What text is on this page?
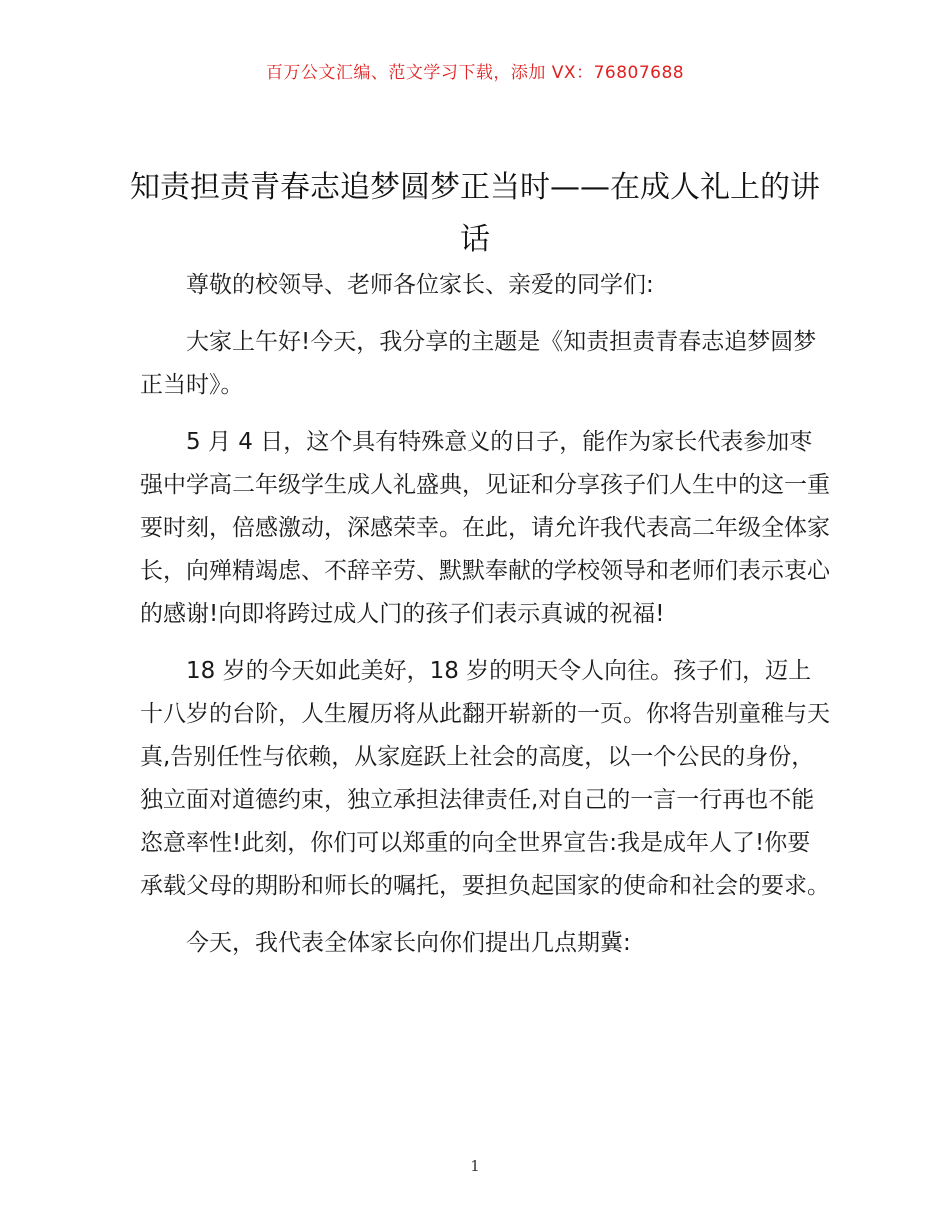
百万公文汇编、范文学习下载，添加 VX：76807688
知责担责青春志追梦圆梦正当时——在成人礼上的讲话

尊敬的校领导、老师各位家长、亲爱的同学们:

大家上午好!今天，我分享的主题是《知责担责青春志追梦圆梦正当时》。

5 月 4 日，这个具有特殊意义的日子，能作为家长代表参加枣强中学高二年级学生成人礼盛典，见证和分享孩子们人生中的这一重要时刻，倍感激动，深感荣幸。在此，请允许我代表高二年级全体家长，向殚精竭虑、不辞辛劳、默默奉献的学校领导和老师们表示衷心的感谢!向即将跨过成人门的孩子们表示真诚的祝福!

18 岁的今天如此美好，18 岁的明天令人向往。孩子们，迈上十八岁的台阶，人生履历将从此翻开崭新的一页。你将告别童稚与天真,告别任性与依赖，从家庭跃上社会的高度，以一个公民的身份，独立面对道德约束，独立承担法律责任,对自己的一言一行再也不能恣意率性!此刻，你们可以郑重的向全世界宣告:我是成年人了!你要承载父母的期盼和师长的嘱托，要担负起国家的使命和社会的要求。

今天，我代表全体家长向你们提出几点期冀:

1
